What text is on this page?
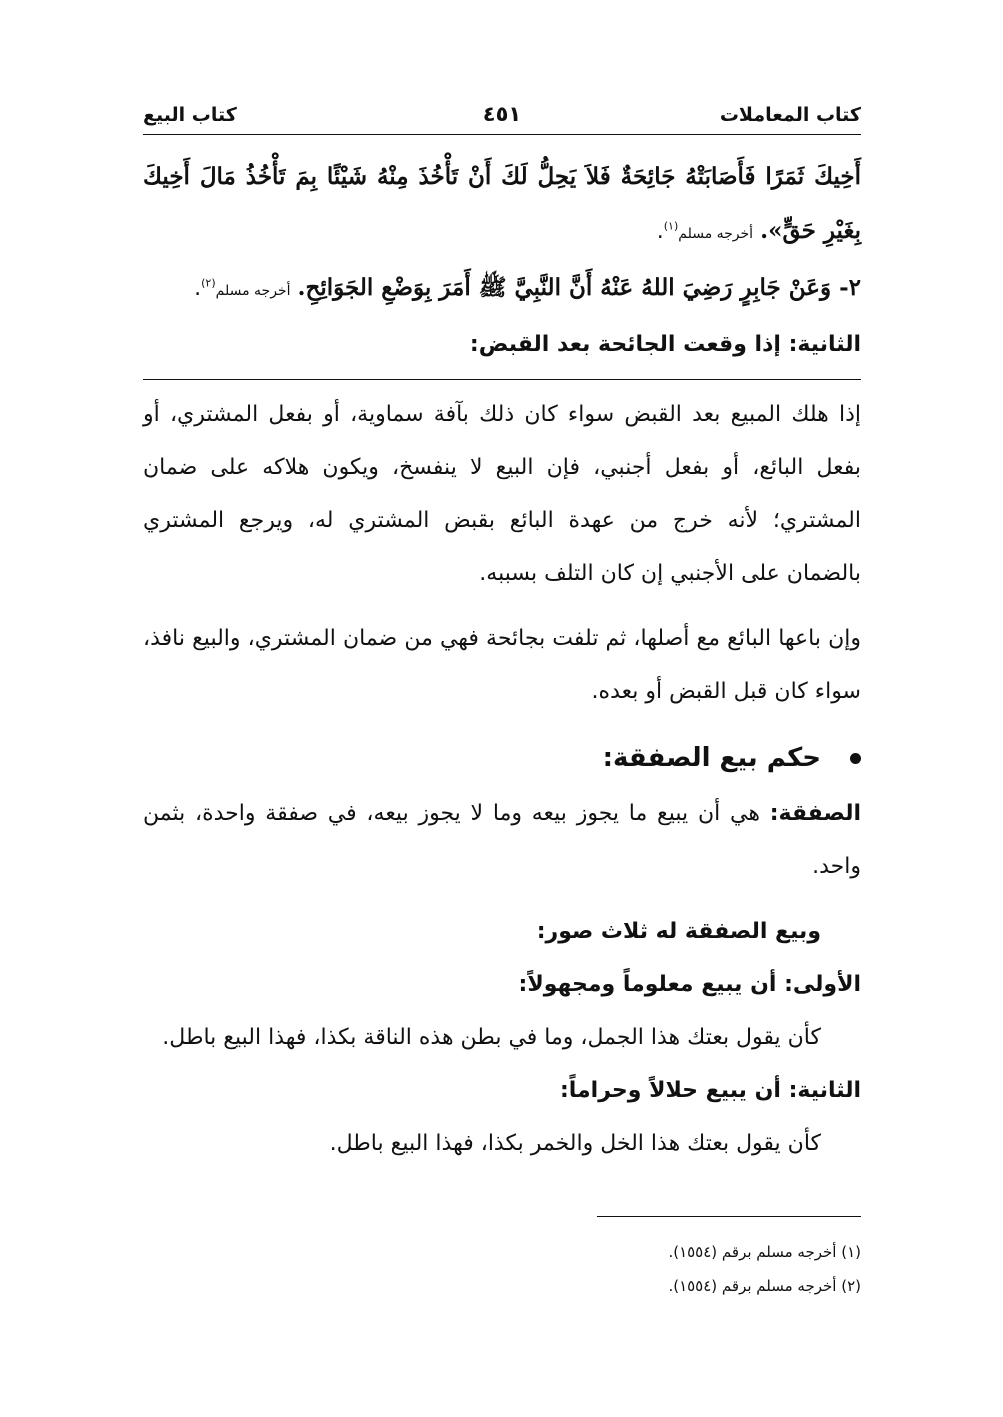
كتاب المعاملات
٤٥١
كتاب البيع

أَخِيكَ ثَمَرًا فَأَصَابَتْهُ جَائِحَةٌ فَلاَ يَحِلُّ لَكَ أَنْ تَأْخُذَ مِنْهُ شَيْئًا بِمَ تَأْخُذُ مَالَ أَخِيكَ بِغَيْرِ حَقٍّ». أخرجه مسلم$^{(١)}$.

٢- وَعَنْ جَابِرٍ رَضِيَ اللهُ عَنْهُ أَنَّ النَّبِيَّ ﷺ أَمَرَ بِوَضْعِ الجَوَائِحِ. أخرجه مسلم$^{(٢)}$.

الثانية: إذا وقعت الجائحة بعد القبض:

إذا هلك المبيع بعد القبض سواء كان ذلك بآفة سماوية، أو بفعل المشتري، أو بفعل البائع، أو بفعل أجنبي، فإن البيع لا ينفسخ، ويكون هلاكه على ضمان المشتري؛ لأنه خرج من عهدة البائع بقبض المشتري له، ويرجع المشتري بالضمان على الأجنبي إن كان التلف بسببه.

وإن باعها البائع مع أصلها، ثم تلفت بجائحة فهي من ضمان المشتري، والبيع نافذ، سواء كان قبل القبض أو بعده.

حكم بيع الصفقة:

الصفقة: هي أن يبيع ما يجوز بيعه وما لا يجوز بيعه، في صفقة واحدة، بثمن واحد.

وبيع الصفقة له ثلاث صور:

الأولى: أن يبيع معلوماً ومجهولاً:

كأن يقول بعتك هذا الجمل، وما في بطن هذه الناقة بكذا، فهذا البيع باطل.

الثانية: أن يبيع حلالاً وحراماً:

كأن يقول بعتك هذا الخل والخمر بكذا، فهذا البيع باطل.

(١) أخرجه مسلم برقم (١٥٥٤).
(٢) أخرجه مسلم برقم (١٥٥٤).
